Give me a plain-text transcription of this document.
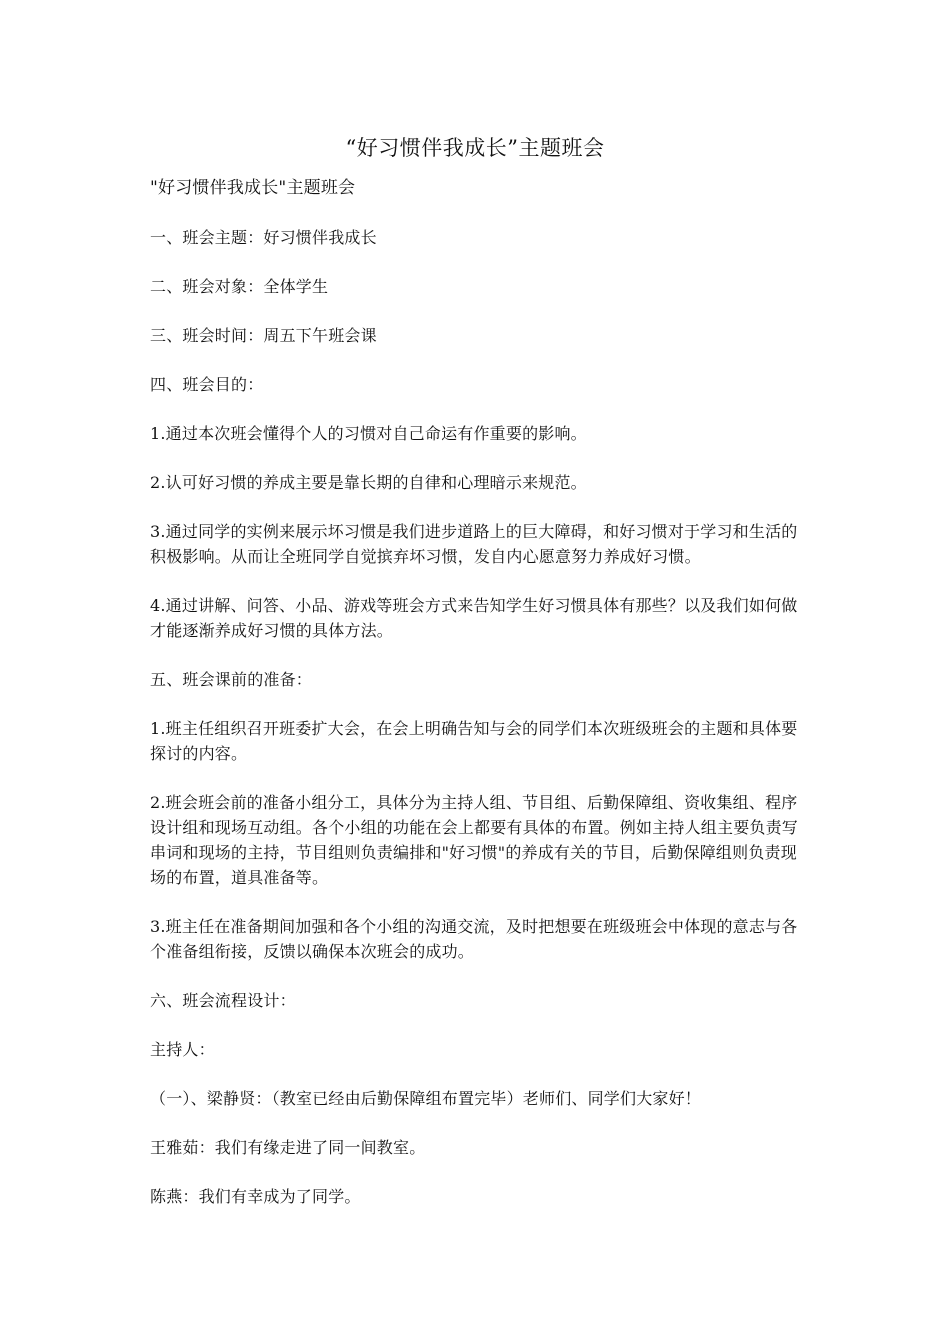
“好习惯伴我成长”主题班会

"好习惯伴我成长"主题班会

一、班会主题：好习惯伴我成长

二、班会对象：全体学生

三、班会时间：周五下午班会课

四、班会目的：

1.通过本次班会懂得个人的习惯对自己命运有作重要的影响。

2.认可好习惯的养成主要是靠长期的自律和心理暗示来规范。

3.通过同学的实例来展示坏习惯是我们进步道路上的巨大障碍，和好习惯对于学习和生活的积极影响。从而让全班同学自觉摈弃坏习惯，发自内心愿意努力养成好习惯。

4.通过讲解、问答、小品、游戏等班会方式来告知学生好习惯具体有那些？以及我们如何做才能逐渐养成好习惯的具体方法。

五、班会课前的准备：

1.班主任组织召开班委扩大会，在会上明确告知与会的同学们本次班级班会的主题和具体要探讨的内容。

2.班会班会前的准备小组分工，具体分为主持人组、节目组、后勤保障组、资收集组、程序设计组和现场互动组。各个小组的功能在会上都要有具体的布置。例如主持人组主要负责写串词和现场的主持，节目组则负责编排和"好习惯"的养成有关的节目，后勤保障组则负责现场的布置，道具准备等。

3.班主任在准备期间加强和各个小组的沟通交流，及时把想要在班级班会中体现的意志与各个准备组衔接，反馈以确保本次班会的成功。

六、班会流程设计：

主持人：

（一）、梁静贤：（教室已经由后勤保障组布置完毕）老师们、同学们大家好！

王雅茹：我们有缘走进了同一间教室。

陈燕：我们有幸成为了同学。
